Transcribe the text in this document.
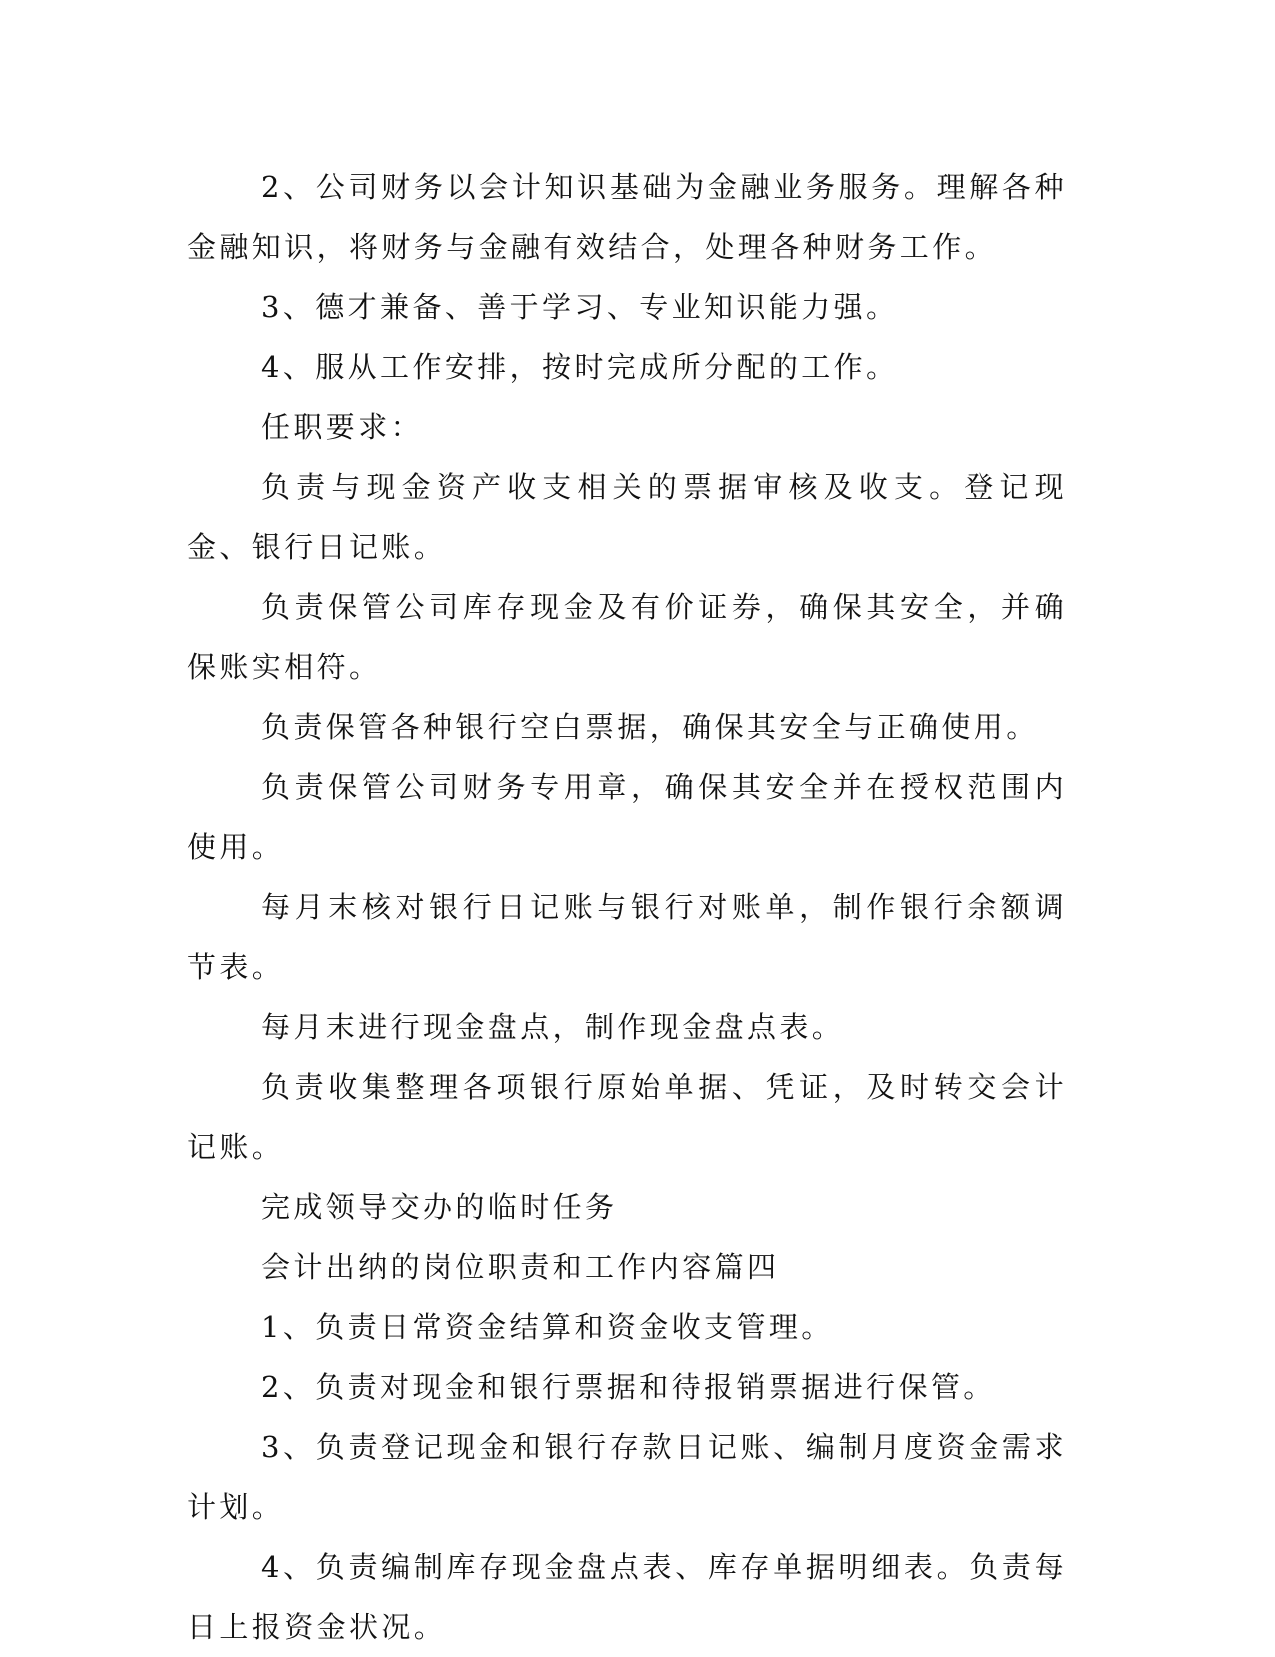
2、公司财务以会计知识基础为金融业务服务。理解各种金融知识，将财务与金融有效结合，处理各种财务工作。

3、德才兼备、善于学习、专业知识能力强。

4、服从工作安排，按时完成所分配的工作。

任职要求：

负责与现金资产收支相关的票据审核及收支。登记现金、银行日记账。

负责保管公司库存现金及有价证券，确保其安全，并确保账实相符。

负责保管各种银行空白票据，确保其安全与正确使用。

负责保管公司财务专用章，确保其安全并在授权范围内使用。

每月末核对银行日记账与银行对账单，制作银行余额调节表。

每月末进行现金盘点，制作现金盘点表。

负责收集整理各项银行原始单据、凭证，及时转交会计记账。

完成领导交办的临时任务

会计出纳的岗位职责和工作内容篇四

1、负责日常资金结算和资金收支管理。

2、负责对现金和银行票据和待报销票据进行保管。

3、负责登记现金和银行存款日记账、编制月度资金需求计划。

4、负责编制库存现金盘点表、库存单据明细表。负责每日上报资金状况。
